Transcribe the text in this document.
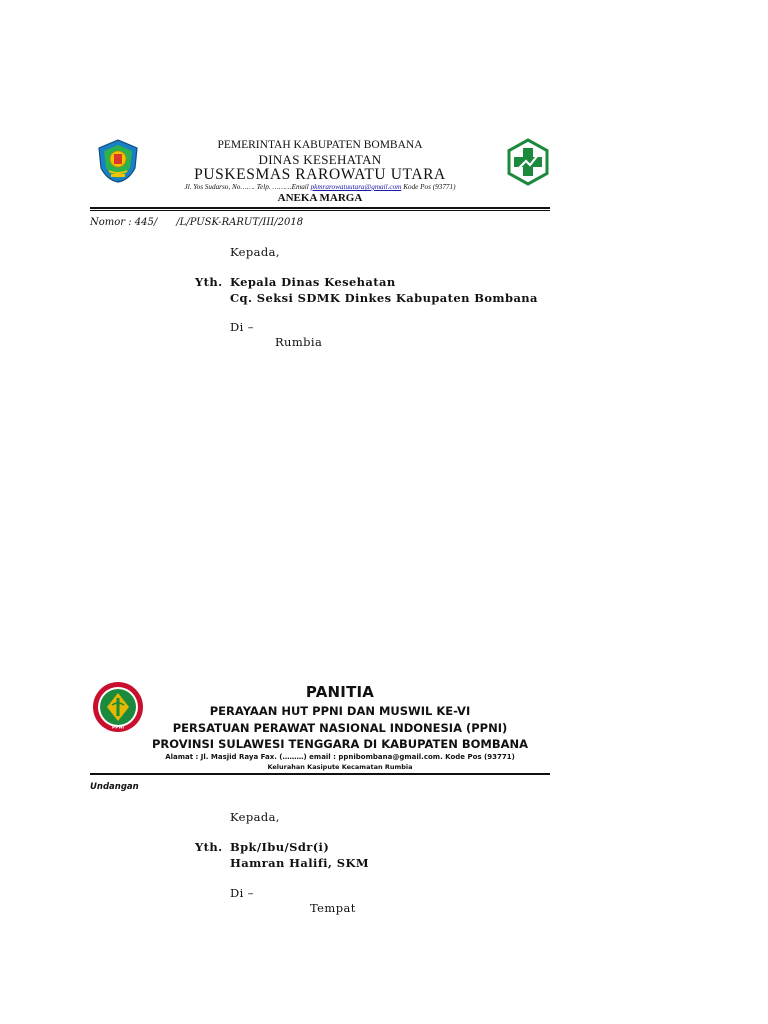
PEMERINTAH KABUPATEN BOMBANA
DINAS KESEHATAN
PUSKESMAS RAROWATU UTARA
Jl. Yos Sudarso, No……. Telp. ………Email pkmrarowatuutara@gmail.com Kode Pos (93771)
ANEKA MARGA
Nomor : 445/      /L/PUSK-RARUT/III/2018
Kepada,
Yth. Kepala Dinas Kesehatan
Cq. Seksi SDMK Dinkes Kabupaten Bombana
Di –
Rumbia
PPNI
PANITIA
PERAYAAN HUT PPNI DAN MUSWIL KE-VI
PERSATUAN PERAWAT NASIONAL INDONESIA (PPNI)
PROVINSI SULAWESI TENGGARA DI KABUPATEN BOMBANA
Alamat : Jl. Masjid Raya Fax. (………) email : ppnibombana@gmail.com. Kode Pos (93771)
Kelurahan Kasipute Kecamatan Rumbia
Undangan
Kepada,
Yth. Bpk/Ibu/Sdr(i)
Hamran Halifi, SKM
Di –
Tempat
